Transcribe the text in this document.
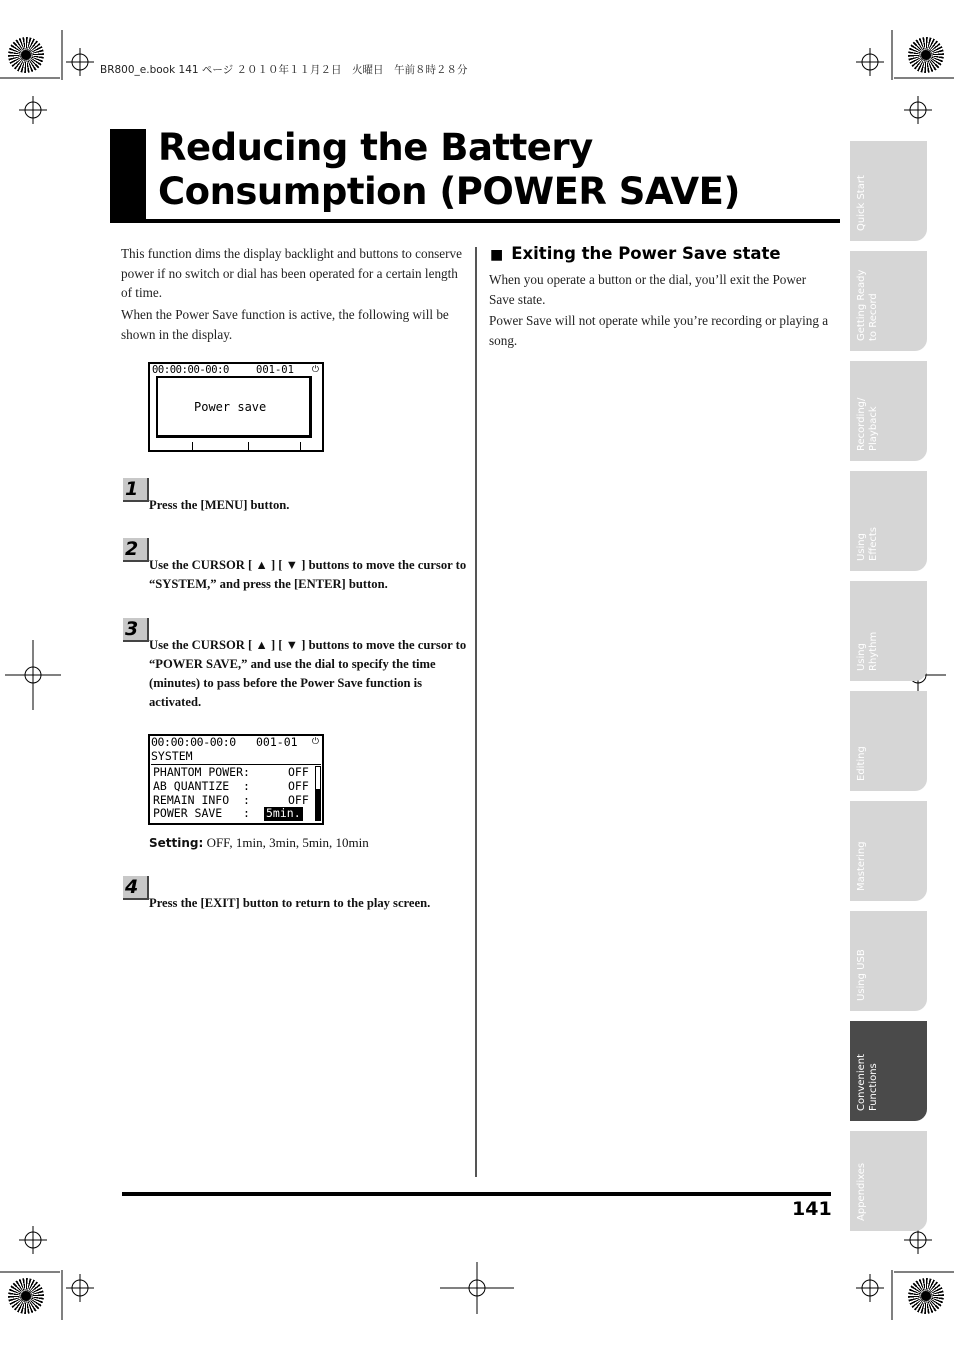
BR800_e.book 141 ページ ２０１０年１１月２日　火曜日　午前８時２８分
Reducing the Battery
Consumption (POWER SAVE)

This function dims the display backlight and buttons to conserve power if no switch or dial has been operated for a certain length of time.

When the Power Save function is active, the following will be shown in the display.

00:00:00-00:0	001-01 ⏻
Power save
1

Press the [MENU] button.

2

Use the CURSOR [ ▲ ] [ ▼ ] buttons to move the cursor to “SYSTEM,” and press the [ENTER] button.

3

Use the CURSOR [ ▲ ] [ ▼ ] buttons to move the cursor to “POWER SAVE,” and use the dial to specify the time (minutes) to pass before the Power Save function is activated.

00:00:00-00:0 001-01 ⏻
SYSTEM
PHANTOM POWER:	OFF
AB QUANTIZE  :	OFF
REMAIN INFO  :	OFF
POWER SAVE   : 5min.
Setting: OFF, 1min, 3min, 5min, 10min
4

Press the [EXIT] button to return to the play screen.

■ Exiting the Power Save state

When you operate a button or the dial, you’ll exit the Power Save state.

Power Save will not operate while you’re recording or playing a song.

141
Quick Start
Getting Ready
to Record
Recording/
Playback
Using
Effects
Using
Rhythm
Editing
Mastering
Using USB
Convenient
Functions
Appendixes
